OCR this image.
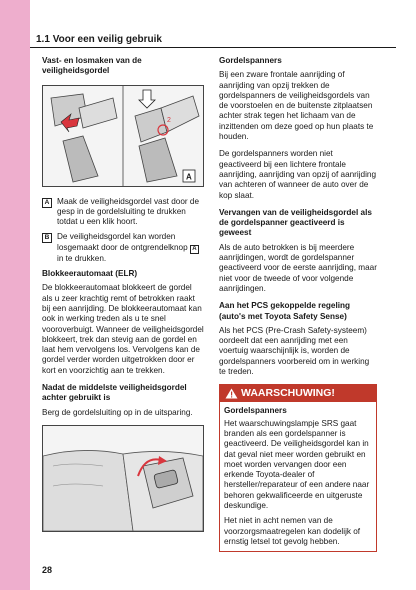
1.1 Voor een veilig gebruik
Vast- en losmaken van de veiligheidsgordel
2
A
A Maak de veiligheidsgordel vast door de gesp in de gordelsluiting te drukken totdat u een klik hoort.
B De veiligheidsgordel kan worden losgemaakt door de ontgrendelknop A in te drukken.
Blokkeerautomaat (ELR)
De blokkeerautomaat blokkeert de gordel als u zeer krachtig remt of betrokken raakt bij een aanrijding. De blokkeerautomaat kan ook in werking treden als u te snel vooroverbuigt. Wanneer de veiligheidsgordel blokkeert, trek dan stevig aan de gordel en laat hem vervolgens los. Vervolgens kan de gordel verder worden uitgetrokken door er kort en voorzichtig aan te trekken.
Nadat de middelste veiligheidsgordel achter gebruikt is
Berg de gordelsluiting op in de uitsparing.
Gordelspanners
Bij een zware frontale aanrijding of aanrijding van opzij trekken de gordelspanners de veiligheidsgordels van de voorstoelen en de buitenste zitplaatsen achter strak tegen het lichaam van de inzittenden om deze goed op hun plaats te houden.
De gordelspanners worden niet geactiveerd bij een lichtere frontale aanrijding, aanrijding van opzij of aanrijding van achteren of wanneer de auto over de kop slaat.
Vervangen van de veiligheidsgordel als de gordelspanner geactiveerd is geweest
Als de auto betrokken is bij meerdere aanrijdingen, wordt de gordelspanner geactiveerd voor de eerste aanrijding, maar niet voor de tweede of voor volgende aanrijdingen.
Aan het PCS gekoppelde regeling (auto's met Toyota Safety Sense)
Als het PCS (Pre-Crash Safety-systeem) oordeelt dat een aanrijding met een voertuig waarschijnlijk is, worden de gordelspanners voorbereid om in werking te treden.
WAARSCHUWING!
Gordelspanners
Het waarschuwingslampje SRS gaat branden als een gordelspanner is geactiveerd. De veiligheidsgordel kan in dat geval niet meer worden gebruikt en moet worden vervangen door een erkende Toyota-dealer of hersteller/reparateur of een andere naar behoren gekwalificeerde en uitgeruste deskundige.
Het niet in acht nemen van de voorzorgsmaatregelen kan dodelijk of ernstig letsel tot gevolg hebben.
28
